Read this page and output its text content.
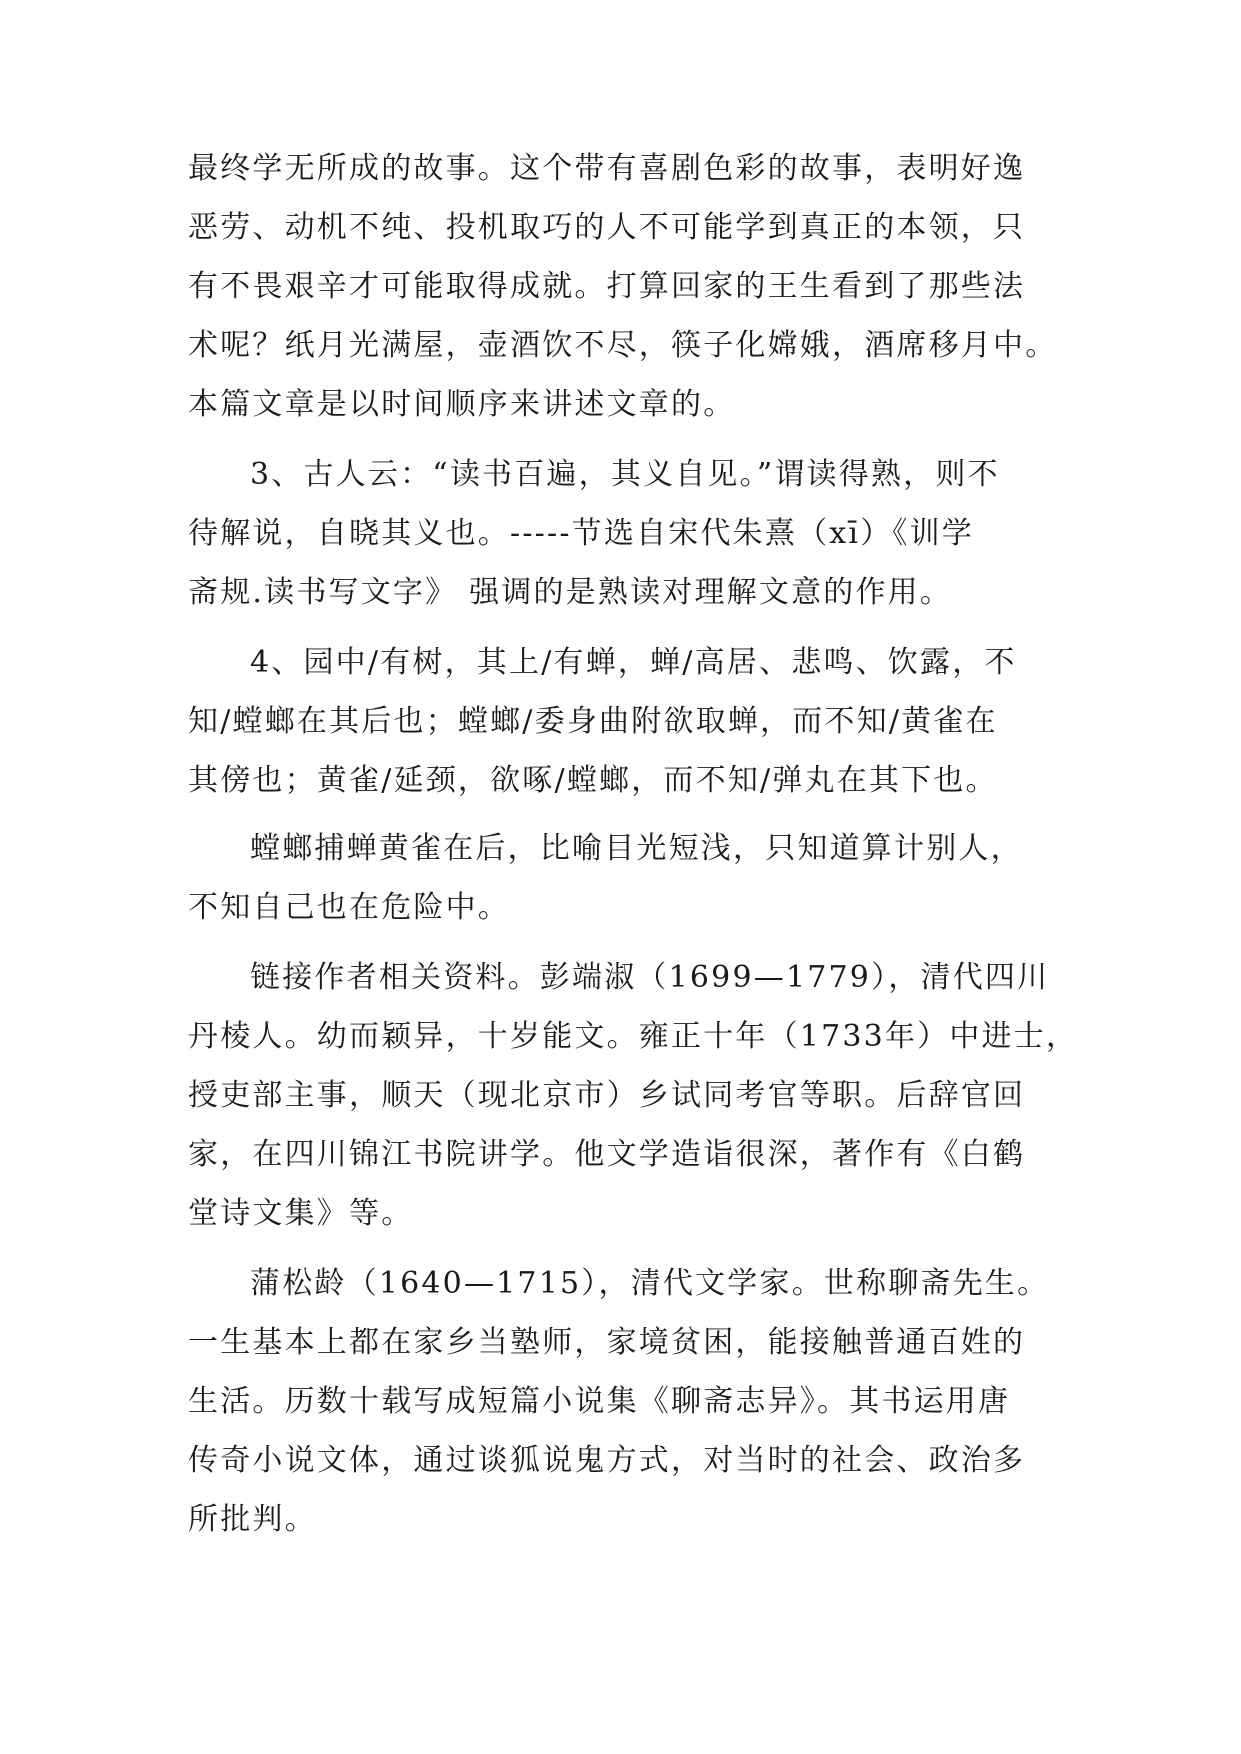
最终学无所成的故事。这个带有喜剧色彩的故事，表明好逸
恶劳、动机不纯、投机取巧的人不可能学到真正的本领，只
有不畏艰辛才可能取得成就。打算回家的王生看到了那些法
术呢？纸月光满屋，壶酒饮不尽，筷子化嫦娥，酒席移月中。
本篇文章是以时间顺序来讲述文章的。
3、古人云：“读书百遍，其义自见。”谓读得熟，则不
待解说，自晓其义也。-----节选自宋代朱熹（xī）《训学
斋规.读书写文字》 强调的是熟读对理解文意的作用。
4、园中/有树，其上/有蝉，蝉/高居、悲鸣、饮露，不
知/螳螂在其后也；螳螂/委身曲附欲取蝉，而不知/黄雀在
其傍也；黄雀/延颈，欲啄/螳螂，而不知/弹丸在其下也。
螳螂捕蝉黄雀在后，比喻目光短浅，只知道算计别人，
不知自己也在危险中。
链接作者相关资料。彭端淑（1699—1779），清代四川
丹棱人。幼而颖异，十岁能文。雍正十年（1733年）中进士，
授吏部主事，顺天（现北京市）乡试同考官等职。后辞官回
家，在四川锦江书院讲学。他文学造诣很深，著作有《白鹤
堂诗文集》等。
蒲松龄（1640—1715），清代文学家。世称聊斋先生。
一生基本上都在家乡当塾师，家境贫困，能接触普通百姓的
生活。历数十载写成短篇小说集《聊斋志异》。其书运用唐
传奇小说文体，通过谈狐说鬼方式，对当时的社会、政治多
所批判。
